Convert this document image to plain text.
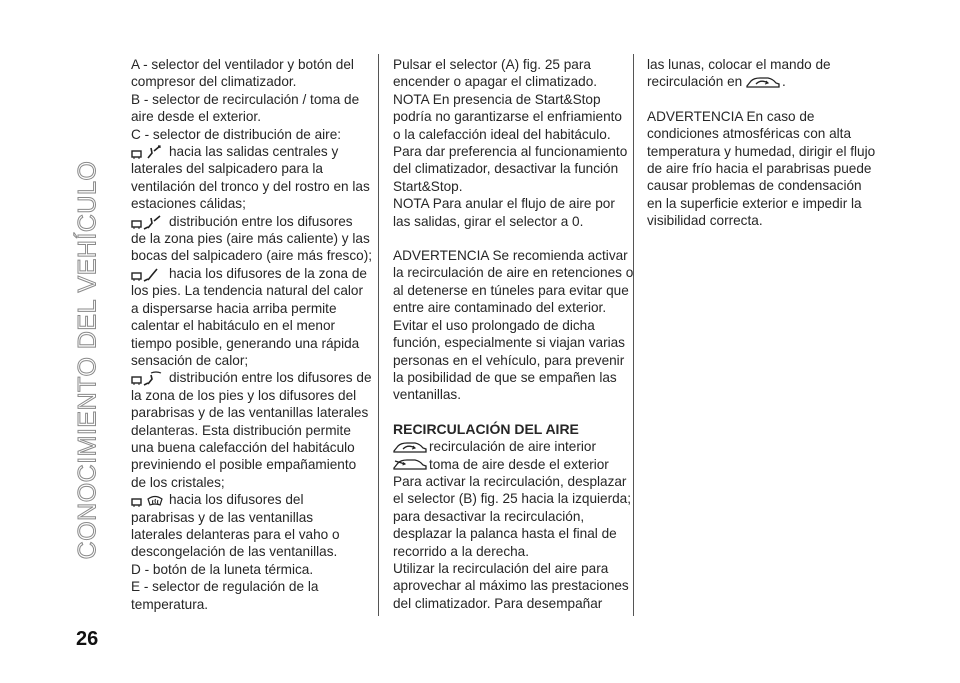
CONOCIMIENTO DEL VEHÍCULO
26
A - selector del ventilador y botón del
compresor del climatizador.
B - selector de recirculación / toma de
aire desde el exterior.
C - selector de distribución de aire:
hacia las salidas centrales y
laterales del salpicadero para la
ventilación del tronco y del rostro en las
estaciones cálidas;
distribución entre los difusores
de la zona pies (aire más caliente) y las
bocas del salpicadero (aire más fresco);
hacia los difusores de la zona de
los pies. La tendencia natural del calor
a dispersarse hacia arriba permite
calentar el habitáculo en el menor
tiempo posible, generando una rápida
sensación de calor;
distribución entre los difusores de
la zona de los pies y los difusores del
parabrisas y de las ventanillas laterales
delanteras. Esta distribución permite
una buena calefacción del habitáculo
previniendo el posible empañamiento
de los cristales;
hacia los difusores del
parabrisas y de las ventanillas
laterales delanteras para el vaho o
descongelación de las ventanillas.
D - botón de la luneta térmica.
E - selector de regulación de la
temperatura.
Pulsar el selector (A) fig. 25 para
encender o apagar el climatizado.
NOTA En presencia de Start&Stop
podría no garantizarse el enfriamiento
o la calefacción ideal del habitáculo.
Para dar preferencia al funcionamiento
del climatizador, desactivar la función
Start&Stop.
NOTA Para anular el flujo de aire por
las salidas, girar el selector a 0.
ADVERTENCIA Se recomienda activar
la recirculación de aire en retenciones o
al detenerse en túneles para evitar que
entre aire contaminado del exterior.
Evitar el uso prolongado de dicha
función, especialmente si viajan varias
personas en el vehículo, para prevenir
la posibilidad de que se empañen las
ventanillas.
RECIRCULACIÓN DEL AIRE
recirculación de aire interior
toma de aire desde el exterior
Para activar la recirculación, desplazar
el selector (B) fig. 25 hacia la izquierda;
para desactivar la recirculación,
desplazar la palanca hasta el final de
recorrido a la derecha.
Utilizar la recirculación del aire para
aprovechar al máximo las prestaciones
del climatizador. Para desempañar
las lunas, colocar el mando de
recirculación en	.
ADVERTENCIA En caso de
condiciones atmosféricas con alta
temperatura y humedad, dirigir el flujo
de aire frío hacia el parabrisas puede
causar problemas de condensación
en la superficie exterior e impedir la
visibilidad correcta.
